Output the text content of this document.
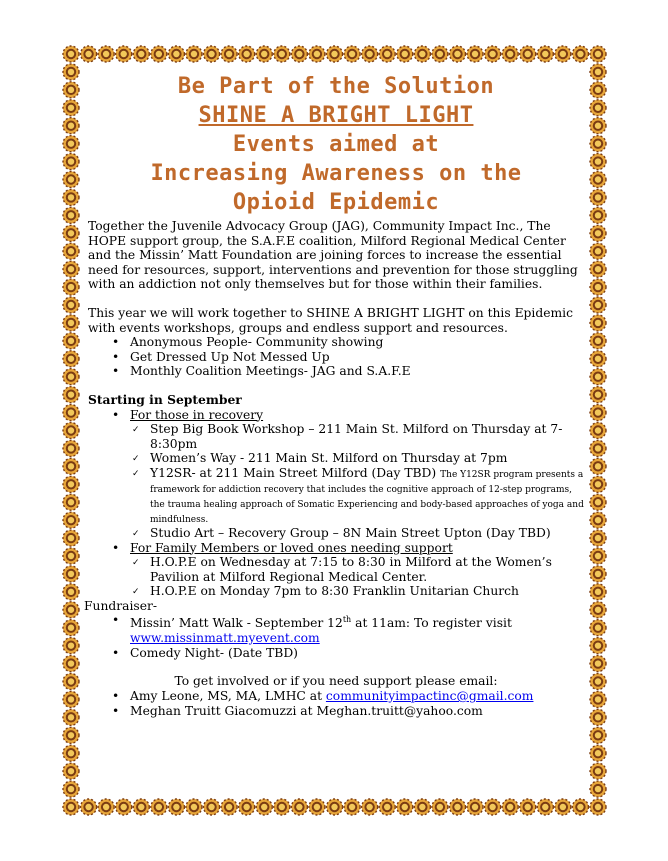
Be Part of the Solution
SHINE A BRIGHT LIGHT
Events aimed at
Increasing Awareness on the
Opioid Epidemic

Together the Juvenile Advocacy Group (JAG), Community Impact Inc., The HOPE support group, the S.A.F.E coalition, Milford Regional Medical Center and the Missin’ Matt Foundation are joining forces to increase the essential need for resources, support, interventions and prevention for those struggling with an addiction not only themselves but for those within their families.

This year we will work together to SHINE A BRIGHT LIGHT on this Epidemic with events workshops, groups and endless support and resources.

• Anonymous People- Community showing
• Get Dressed Up Not Messed Up
• Monthly Coalition Meetings- JAG and S.A.F.E

Starting in September

• For those in recovery
✓ Step Big Book Workshop – 211 Main St. Milford on Thursday at 7-8:30pm
✓ Women’s Way - 211 Main St. Milford on Thursday at 7pm
✓ Y12SR- at 211 Main Street Milford (Day TBD) The Y12SR program presents a framework for addiction recovery that includes the cognitive approach of 12-step programs, the trauma healing approach of Somatic Experiencing and body-based approaches of yoga and mindfulness.
✓ Studio Art – Recovery Group – 8N Main Street Upton (Day TBD)
• For Family Members or loved ones needing support
✓ H.O.P.E on Wednesday at 7:15 to 8:30 in Milford at the Women’s Pavilion at Milford Regional Medical Center.
✓ H.O.P.E on Monday 7pm to 8:30 Franklin Unitarian Church

Fundraiser-

• Missin’ Matt Walk - September 12th at 11am: To register visit
www.missinmatt.myevent.com
• Comedy Night- (Date TBD)

To get involved or if you need support please email:

• Amy Leone, MS, MA, LMHC at communityimpactinc@gmail.com
• Meghan Truitt Giacomuzzi at Meghan.truitt@yahoo.com
